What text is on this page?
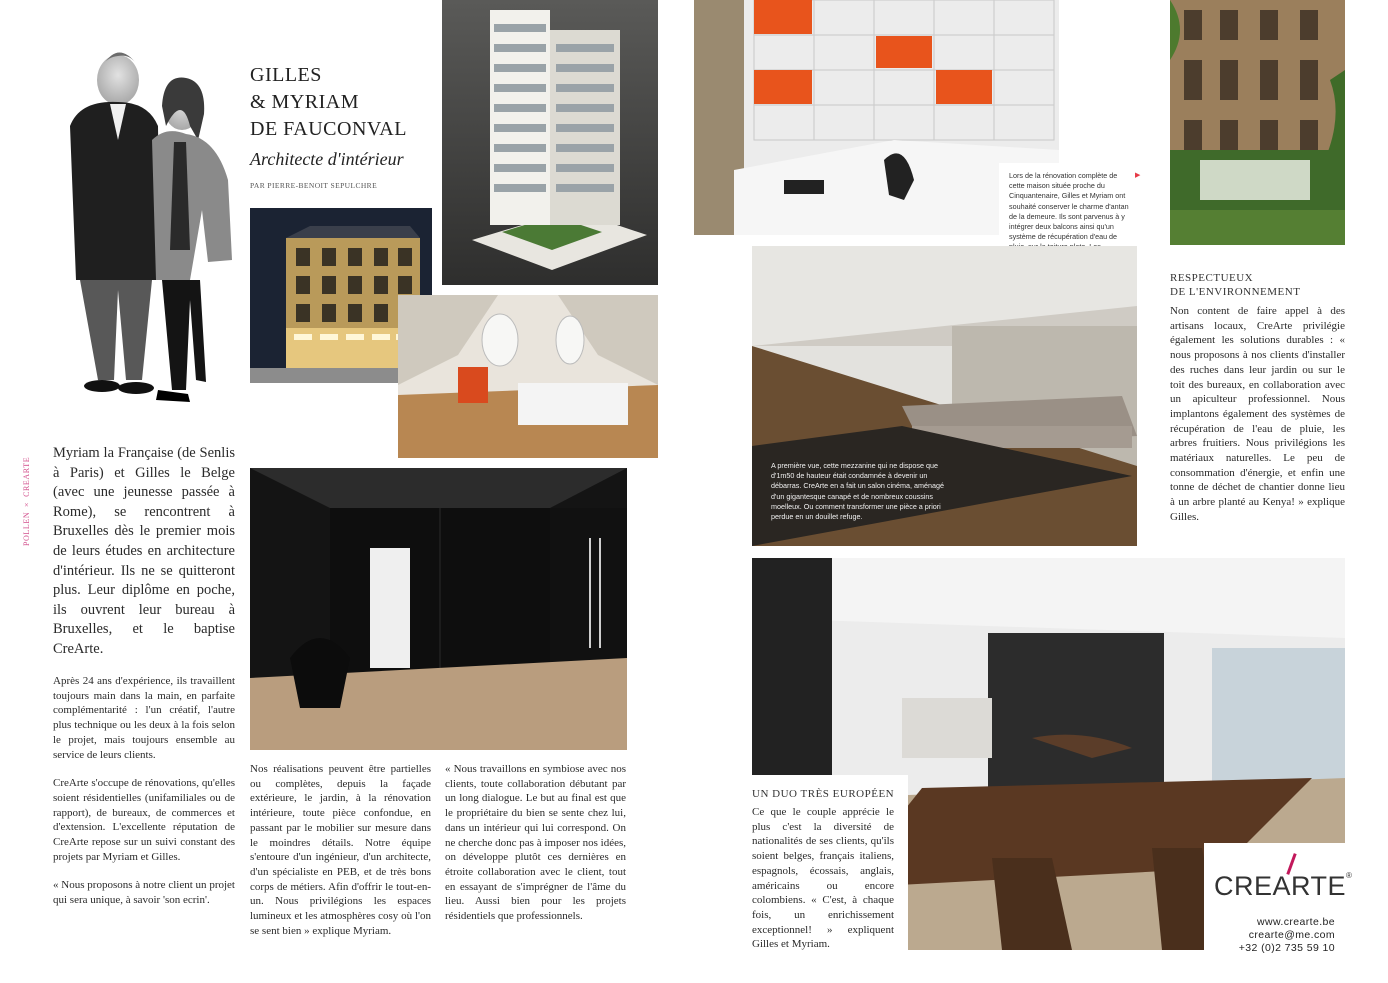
POLLEN × CREARTE
GILLES
& MYRIAM
DE FAUCONVAL
Architecte d'intérieur
PAR PIERRE-BENOIT SEPULCHRE
Myriam la Française (de Senlis à Paris) et Gilles le Belge (avec une jeunesse passée à Rome), se rencontrent à Bruxelles dès le premier mois de leurs études en architecture d'intérieur. Ils ne se quitteront plus. Leur diplôme en poche, ils ouvrent leur bureau à Bruxelles, et le baptise CreArte.

Après 24 ans d'expérience, ils travaillent toujours main dans la main, en parfaite complémentarité : l'un créatif, l'autre plus technique ou les deux à la fois selon le projet, mais toujours ensemble au service de leurs clients.

CreArte s'occupe de rénovations, qu'elles soient résidentielles (unifamiliales ou de rapport), de bureaux, de commerces et d'extension. L'excellente réputation de CreArte repose sur un suivi constant des projets par Myriam et Gilles.

« Nous proposons à notre client un projet qui sera unique, à savoir 'son ecrin'.

Nos réalisations peuvent être partielles ou complètes, depuis la façade extérieure, le jardin, à la rénovation intérieure, toute pièce confondue, en passant par le mobilier sur mesure dans le moindres détails. Notre équipe s'entoure d'un ingénieur, d'un architecte, d'un spécialiste en PEB, et de très bons corps de métiers. Afin d'offrir le tout-en-un. Nous privilégions les espaces lumineux et les atmosphères cosy où l'on se sent bien » explique Myriam.
« Nous travaillons en symbiose avec nos clients, toute collaboration débutant par un long dialogue. Le but au final est que le propriétaire du bien se sente chez lui, dans un intérieur qui lui correspond. On ne cherche donc pas à imposer nos idées, on développe plutôt ces dernières en étroite collaboration avec le client, tout en essayant de s'imprégner de l'âme du lieu. Aussi bien pour les projets résidentiels que professionnels.
Lors de la rénovation complète de cette maison située proche du Cinquantenaire, Gilles et Myriam ont souhaité conserver le charme d'antan de la demeure. Ils sont parvenus à y intégrer deux balcons ainsi qu'un système de récupération d'eau de
▶
A première vue, cette mezzanine qui ne dispose que d'1m50 de hauteur était condamnée à devenir un débarras. CreArte en a fait un salon cinéma, aménagé d'un gigantesque canapé et de nombreux coussins moelleux. Ou comment transformer une pièce a priori perdue en un douillet refuge.
UN DUO TRÈS EUROPÉEN
Ce que le couple apprécie le plus c'est la diversité de nationalités de ses clients, qu'ils soient belges, français italiens, espagnols, écossais, anglais, américains ou encore colombiens. « C'est, à chaque fois, un enrichissement exceptionnel! » expliquent Gilles et Myriam.
RESPECTUEUX
DE L'ENVIRONNEMENT
Non content de faire appel à des artisans locaux, CreArte privilégie également les solutions durables : « nous proposons à nos clients d'installer des ruches dans leur jardin ou sur le toit des bureaux, en collaboration avec un apiculteur professionnel. Nous implantons également des systèmes de récupération de l'eau de pluie, les arbres fruitiers. Nous privilégions les matériaux naturelles. Le peu de consommation d'énergie, et enfin une tonne de déchet de chantier donne lieu à un arbre planté au Kenya! » explique Gilles.
CREARTE®
www.crearte.be
crearte@me.com
+32 (0)2 735 59 10
